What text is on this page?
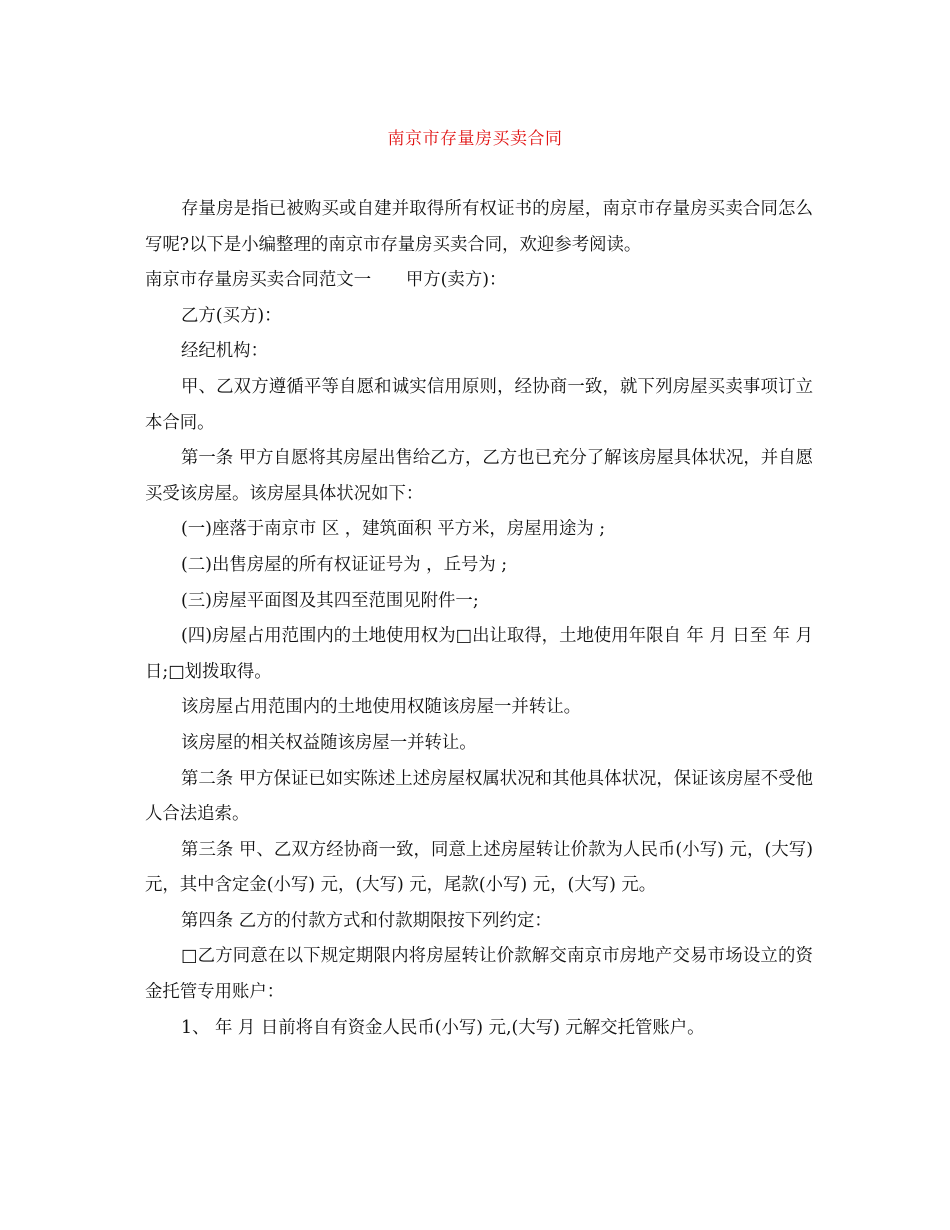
南京市存量房买卖合同

存量房是指已被购买或自建并取得所有权证书的房屋，南京市存量房买卖合同怎么写呢?以下是小编整理的南京市存量房买卖合同，欢迎参考阅读。

南京市存量房买卖合同范文一　　甲方(卖方)：

乙方(买方)：

经纪机构：

甲、乙双方遵循平等自愿和诚实信用原则，经协商一致，就下列房屋买卖事项订立本合同。

第一条 甲方自愿将其房屋出售给乙方，乙方也已充分了解该房屋具体状况，并自愿买受该房屋。该房屋具体状况如下：

(一)座落于南京市 区 ，建筑面积 平方米，房屋用途为 ;

(二)出售房屋的所有权证证号为 ，丘号为 ;

(三)房屋平面图及其四至范围见附件一;

(四)房屋占用范围内的土地使用权为□出让取得，土地使用年限自 年 月 日至 年 月 日;□划拨取得。

该房屋占用范围内的土地使用权随该房屋一并转让。

该房屋的相关权益随该房屋一并转让。

第二条 甲方保证已如实陈述上述房屋权属状况和其他具体状况，保证该房屋不受他人合法追索。

第三条 甲、乙双方经协商一致，同意上述房屋转让价款为人民币(小写) 元，(大写) 元，其中含定金(小写) 元，(大写) 元，尾款(小写) 元，(大写) 元。

第四条 乙方的付款方式和付款期限按下列约定：

□乙方同意在以下规定期限内将房屋转让价款解交南京市房地产交易市场设立的资金托管专用账户：

1、 年 月 日前将自有资金人民币(小写) 元,(大写) 元解交托管账户。
